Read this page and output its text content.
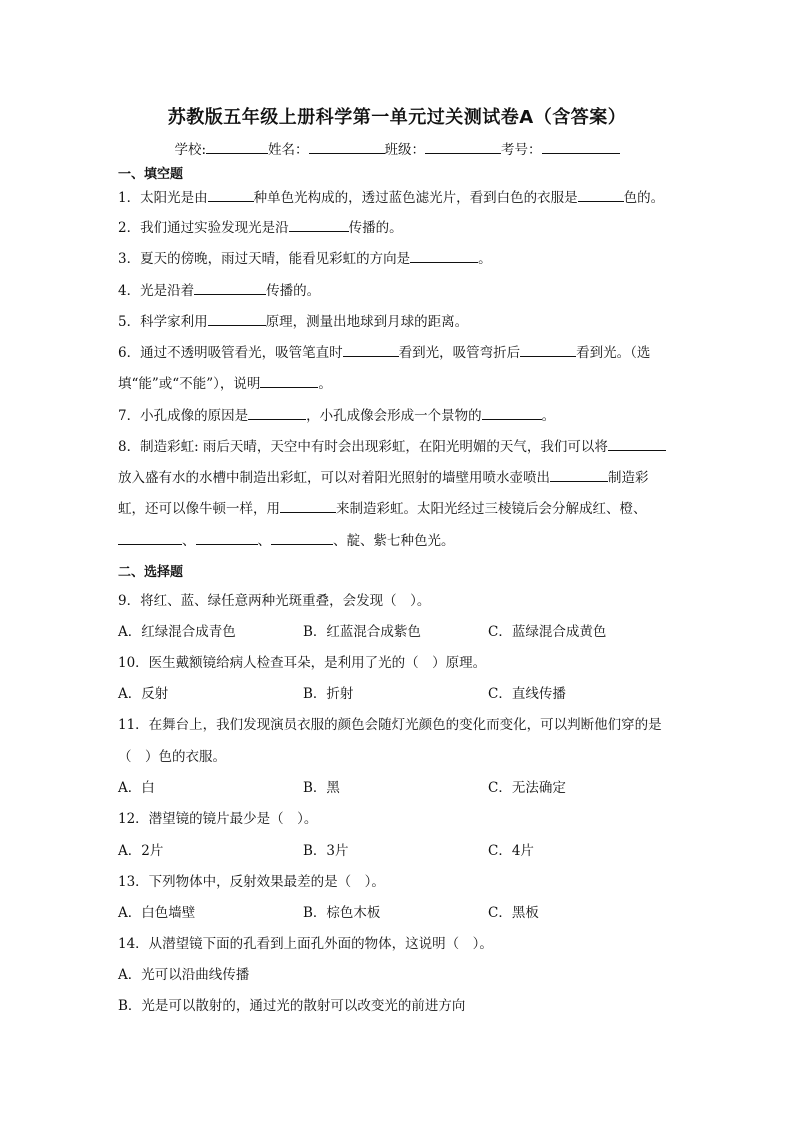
苏教版五年级上册科学第一单元过关测试卷A（含答案）
学校:	姓名：	班级：	考号：
一、填空题
1．太阳光是由	种单色光构成的，透过蓝色滤光片，看到白色的衣服是	色的。
2．我们通过实验发现光是沿	传播的。
3．夏天的傍晚，雨过天晴，能看见彩虹的方向是	。
4．光是沿着	传播的。
5．科学家利用	原理，测量出地球到月球的距离。
6．通过不透明吸管看光，吸管笔直时	看到光，吸管弯折后	看到光。（选
填“能”或“不能”），说明	。
7．小孔成像的原因是	，小孔成像会形成一个景物的	。
8．制造彩虹: 雨后天晴，天空中有时会出现彩虹，在阳光明媚的天气，我们可以将
放入盛有水的水槽中制造出彩虹，可以对着阳光照射的墙壁用喷水壶喷出	制造彩
虹，还可以像牛顿一样，用	来制造彩虹。太阳光经过三棱镜后会分解成红、橙、
、	、	、靛、紫七种色光。
二、选择题
9．将红、蓝、绿任意两种光斑重叠，会发现（　）。
A．红绿混合成青色	B．红蓝混合成紫色	C．蓝绿混合成黄色
10．医生戴额镜给病人检查耳朵，是利用了光的（　）原理。
A．反射	B．折射	C．直线传播
11．在舞台上，我们发现演员衣服的颜色会随灯光颜色的变化而变化，可以判断他们穿的是
（　）色的衣服。
A．白	B．黑	C．无法确定
12．潜望镜的镜片最少是（　）。
A．2片	B．3片	C．4片
13．下列物体中，反射效果最差的是（　）。
A．白色墙壁	B．棕色木板	C．黑板
14．从潜望镜下面的孔看到上面孔外面的物体，这说明（　）。
A．光可以沿曲线传播
B．光是可以散射的，通过光的散射可以改变光的前进方向
